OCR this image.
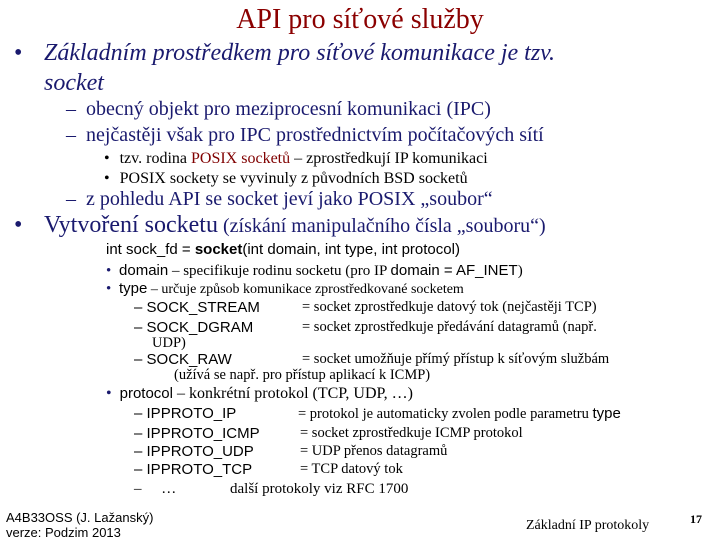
API pro síťové služby
• Základním prostředkem pro síťové komunikace je tzv.
socket
– obecný objekt pro meziprocesní komunikaci (IPC)
– nejčastěji však pro IPC prostřednictvím počítačových sítí
• tzv. rodina POSIX socketů – zprostředkují IP komunikaci
• POSIX sockety se vyvinuly z původních BSD socketů
– z pohledu API se socket jeví jako POSIX „soubor“
• Vytvoření socketu (získání manipulačního čísla „souboru“)
int sock_fd = socket(int domain, int type, int protocol)
• domain – specifikuje rodinu socketu (pro IP domain = AF_INET)
• type – určuje způsob komunikace zprostředkované socketem
– SOCK_STREAM	= socket zprostředkuje datový tok (nejčastěji TCP)
– SOCK_DGRAM	= socket zprostředkuje předávání datagramů (např.
UDP)
– SOCK_RAW	= socket umožňuje přímý přístup k síťovým službám
(užívá se např. pro přístup aplikací k ICMP)
• protocol – konkrétní protokol (TCP, UDP, …)
– IPPROTO_IP	= protokol je automaticky zvolen podle parametru type
– IPPROTO_ICMP	= socket zprostředkuje ICMP protokol
– IPPROTO_UDP	= UDP přenos datagramů
– IPPROTO_TCP	= TCP datový tok
– …	další protokoly viz RFC 1700
A4B33OSS (J. Lažanský)
verze: Podzim 2013	Základní IP protokoly	17
